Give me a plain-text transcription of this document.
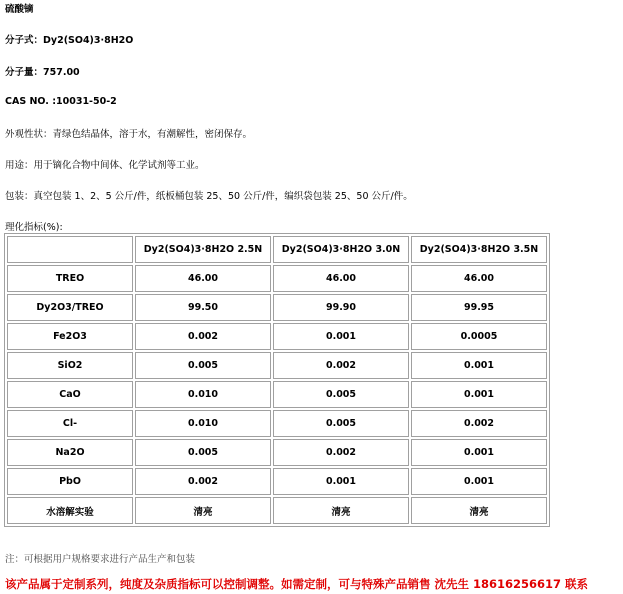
硫酸镝
分子式：Dy2(SO4)3·8H2O
分子量：757.00
CAS NO. :10031-50-2
外观性状：青绿色结晶体，溶于水，有潮解性，密闭保存。
用途：用于镝化合物中间体、化学试剂等工业。
包装：真空包装 1、2、5 公斤/件，纸板桶包装 25、50 公斤/件，编织袋包装 25、50 公斤/件。
理化指标(%):
	Dy2(SO4)3·8H2O 2.5N	Dy2(SO4)3·8H2O 3.0N	Dy2(SO4)3·8H2O 3.5N
TREO	46.00	46.00	46.00
Dy2O3/TREO	99.50	99.90	99.95
Fe2O3	0.002	0.001	0.0005
SiO2	0.005	0.002	0.001
CaO	0.010	0.005	0.001
Cl-	0.010	0.005	0.002
Na2O	0.005	0.002	0.001
PbO	0.002	0.001	0.001
水溶解实验	清亮	清亮	清亮
注：可根据用户规格要求进行产品生产和包装
该产品属于定制系列，纯度及杂质指标可以控制调整。如需定制，可与特殊产品销售 沈先生 18616256617 联系
